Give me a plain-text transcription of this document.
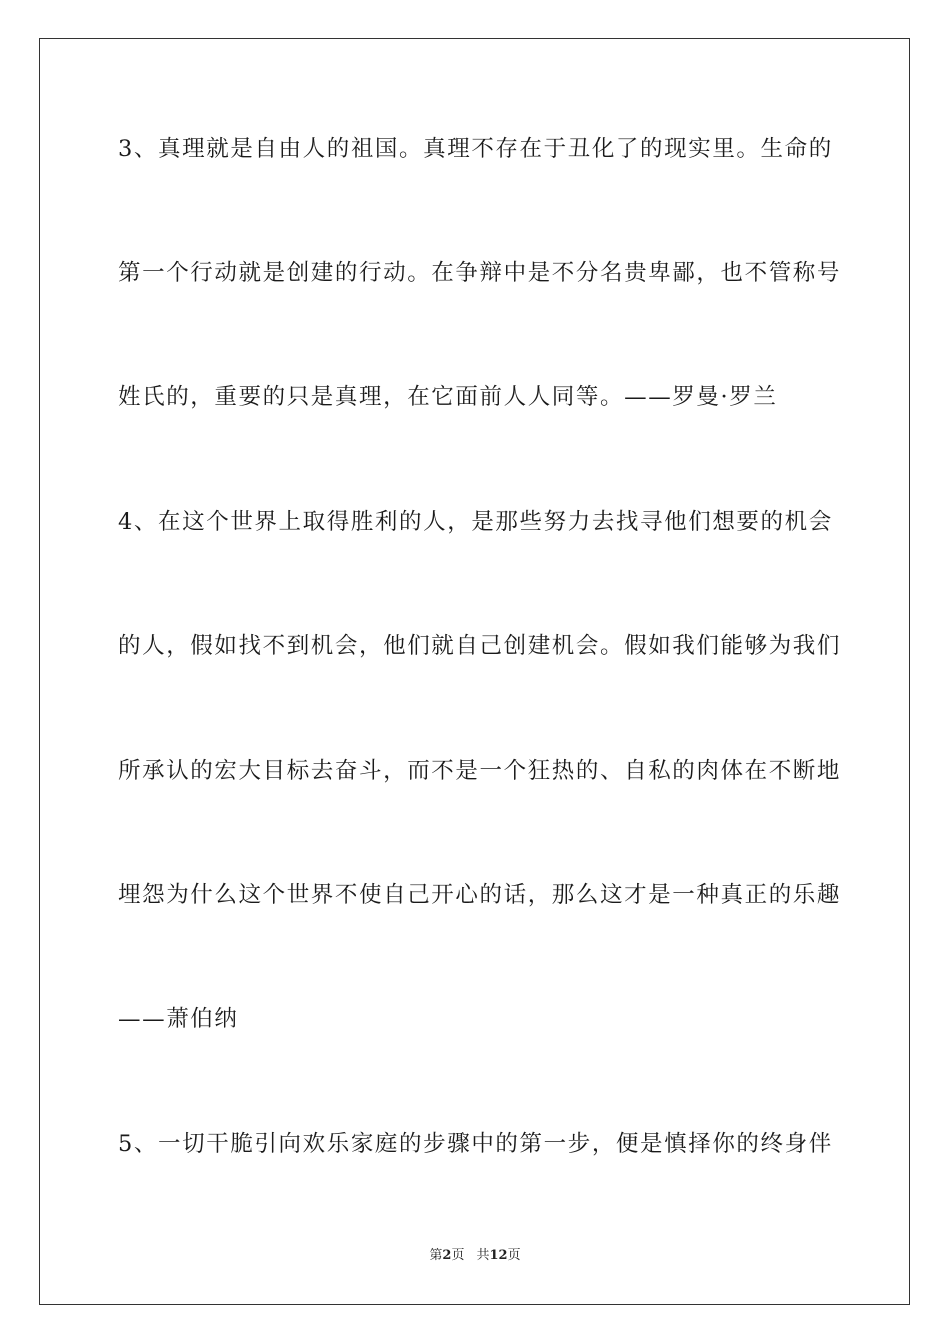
3、真理就是自由人的祖国。真理不存在于丑化了的现实里。生命的
第一个行动就是创建的行动。在争辩中是不分名贵卑鄙，也不管称号
姓氏的，重要的只是真理，在它面前人人同等。——罗曼·罗兰
4、在这个世界上取得胜利的人，是那些努力去找寻他们想要的机会
的人，假如找不到机会，他们就自己创建机会。假如我们能够为我们
所承认的宏大目标去奋斗，而不是一个狂热的、自私的肉体在不断地
埋怨为什么这个世界不使自己开心的话，那么这才是一种真正的乐趣
——萧伯纳
5、一切干脆引向欢乐家庭的步骤中的第一步，便是慎择你的终身伴
第2页 共12页
